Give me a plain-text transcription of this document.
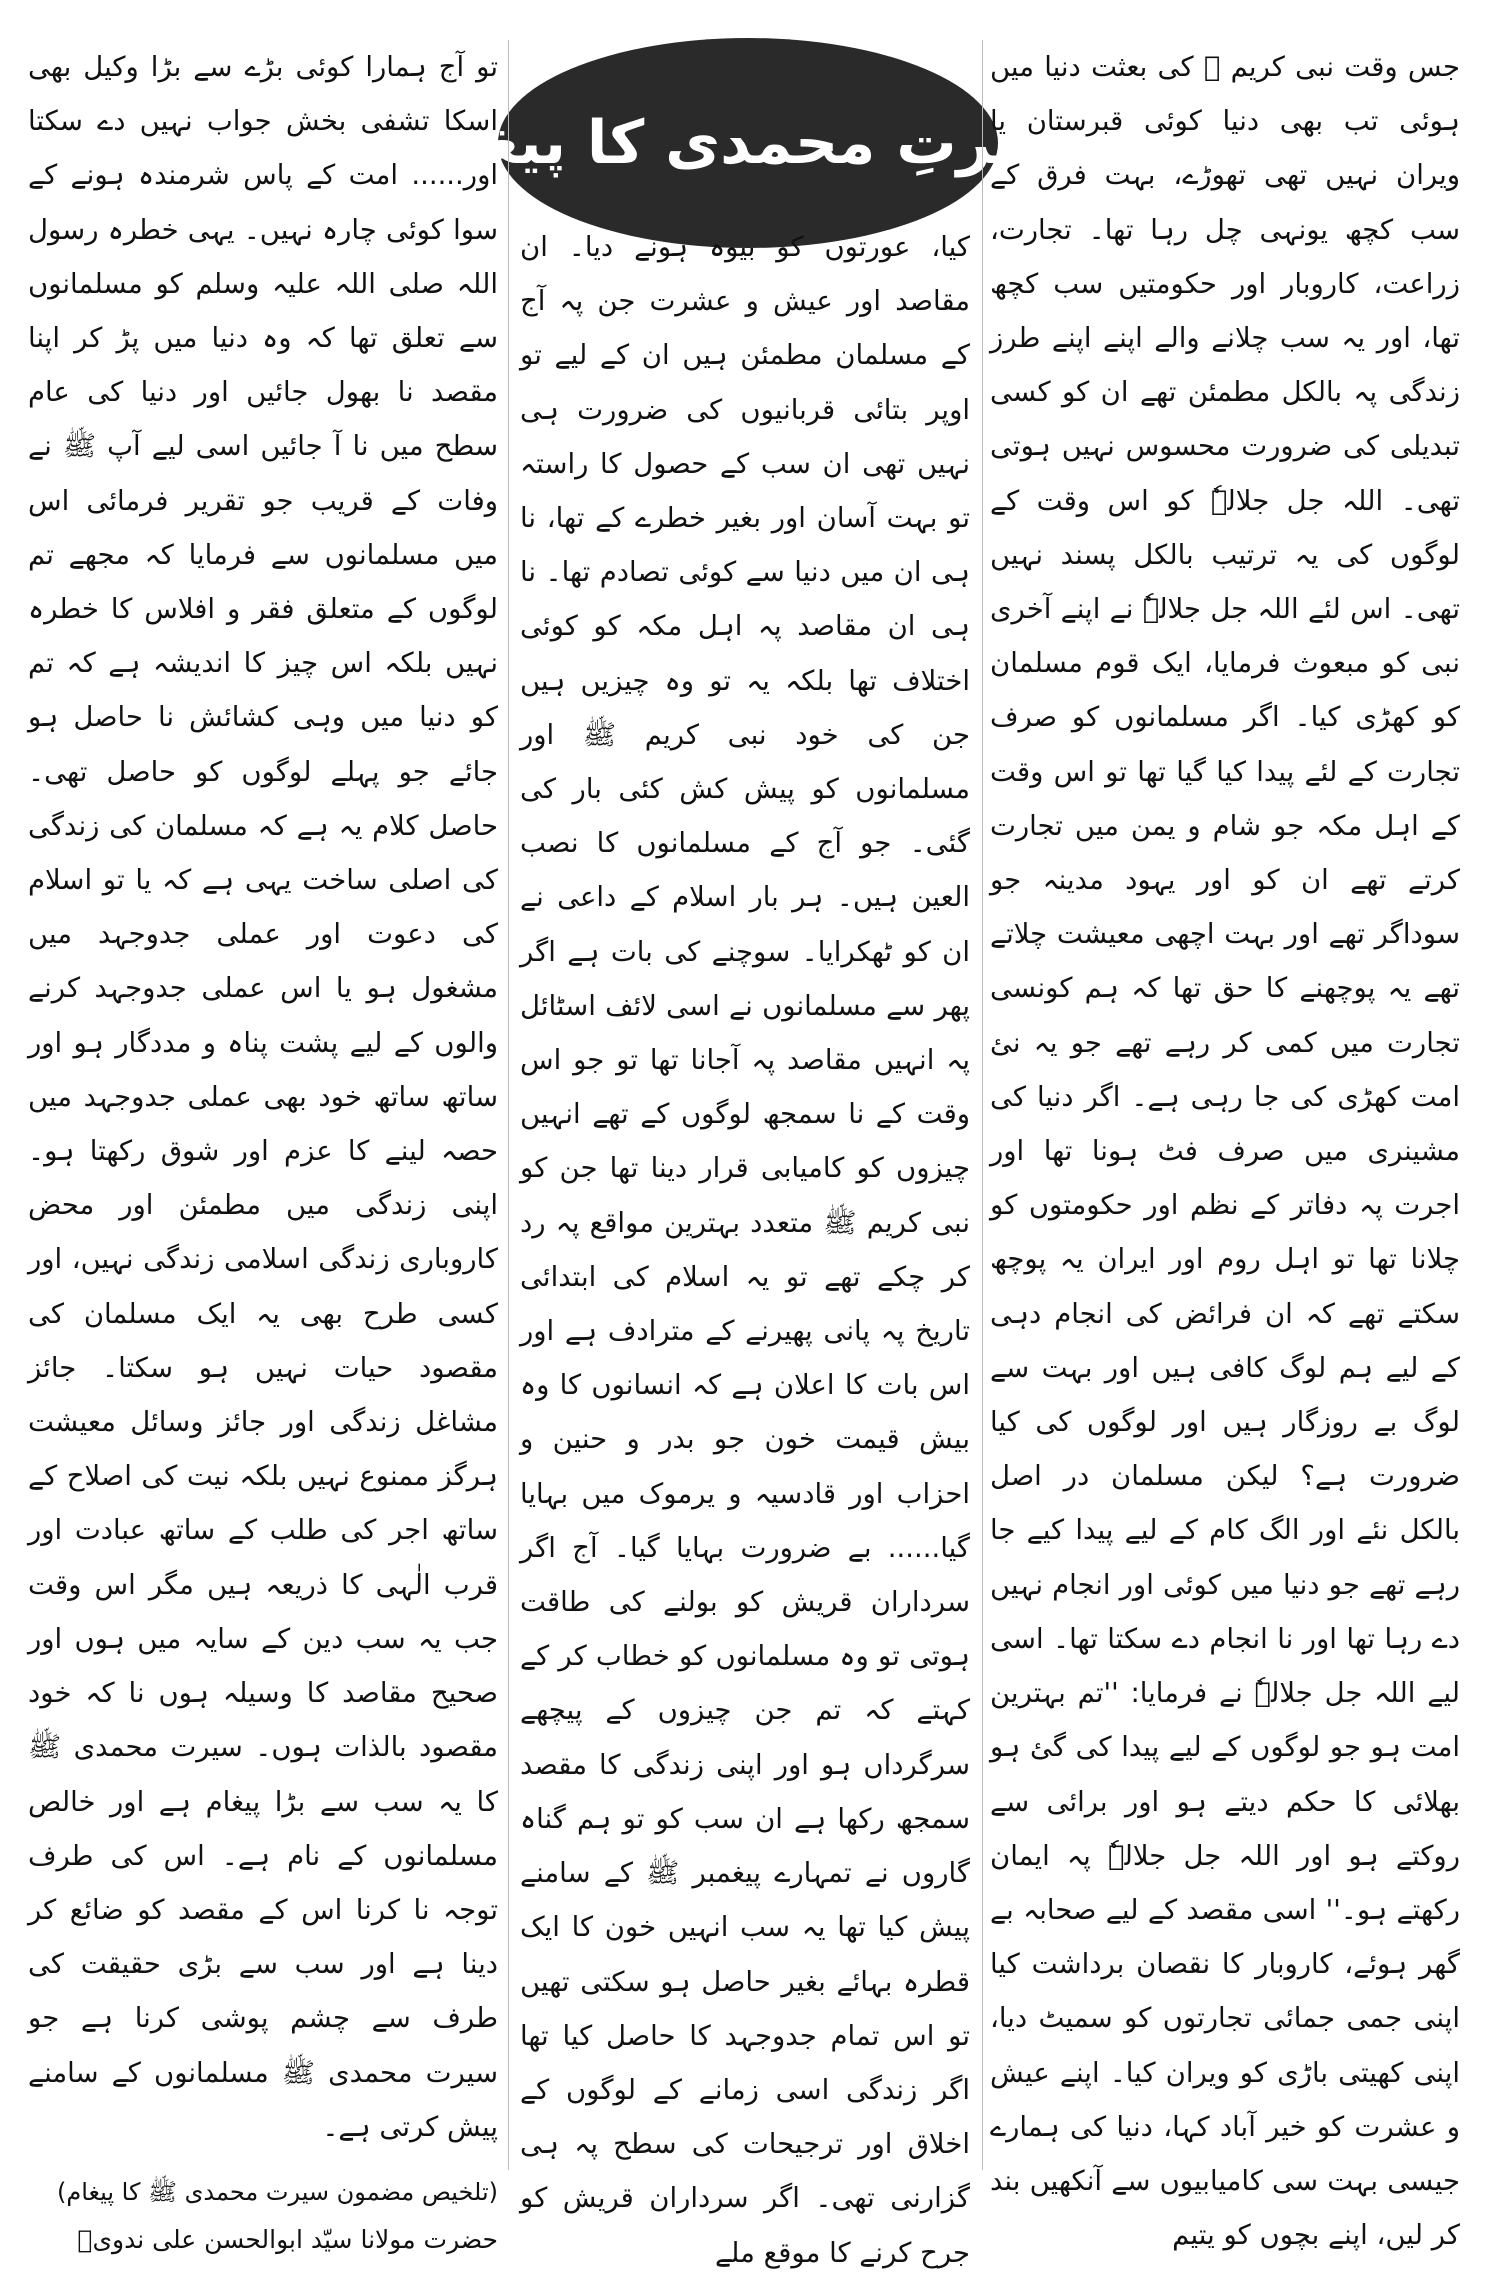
سیرتِ محمدی کا پیغام

جس وقت نبی کریم ﷺ کی بعثت دنیا میں ہوئی تب بھی دنیا کوئی قبرستان یا ویران نہیں تھی تھوڑے، بہت فرق کے سب کچھ یونہی چل رہا تھا۔ تجارت، زراعت، کاروبار اور حکومتیں سب کچھ تھا، اور یہ سب چلانے والے اپنے اپنے طرز زندگی پہ بالکل مطمئن تھے ان کو کسی تبدیلی کی ضرورت محسوس نہیں ہوتی تھی۔ اللہ جل جلالہٗ کو اس وقت کے لوگوں کی یہ ترتیب بالکل پسند نہیں تھی۔ اس لئے اللہ جل جلالہٗ نے اپنے آخری نبی کو مبعوث فرمایا، ایک قوم مسلمان کو کھڑی کیا۔ اگر مسلمانوں کو صرف تجارت کے لئے پیدا کیا گیا تھا تو اس وقت کے اہل مکہ جو شام و یمن میں تجارت کرتے تھے ان کو اور یہود مدینہ جو سوداگر تھے اور بہت اچھی معیشت چلاتے تھے یہ پوچھنے کا حق تھا کہ ہم کونسی تجارت میں کمی کر رہے تھے جو یہ نئ امت کھڑی کی جا رہی ہے۔ اگر دنیا کی مشینری میں صرف فٹ ہونا تھا اور اجرت پہ دفاتر کے نظم اور حکومتوں کو چلانا تھا تو اہل روم اور ایران یہ پوچھ سکتے تھے کہ ان فرائض کی انجام دہی کے لیے ہم لوگ کافی ہیں اور بہت سے لوگ بے روزگار ہیں اور لوگوں کی کیا ضرورت ہے؟ لیکن مسلمان در اصل بالکل نئے اور الگ کام کے لیے پیدا کیے جا رہے تھے جو دنیا میں کوئی اور انجام نہیں دے رہا تھا اور نا انجام دے سکتا تھا۔ اسی لیے اللہ جل جلالہٗ نے فرمایا: ''تم بہترین امت ہو جو لوگوں کے لیے پیدا کی گئ ہو بھلائی کا حکم دیتے ہو اور برائی سے روکتے ہو اور اللہ جل جلالہٗ پہ ایمان رکھتے ہو۔'' اسی مقصد کے لیے صحابہ بے گھر ہوئے، کاروبار کا نقصان برداشت کیا اپنی جمی جمائی تجارتوں کو سمیٹ دیا، اپنی کھیتی باڑی کو ویران کیا۔ اپنے عیش و عشرت کو خیر آباد کہا، دنیا کی ہمارے جیسی بہت سی کامیابیوں سے آنکھیں بند کر لیں، اپنے بچوں کو یتیم

کیا، عورتوں کو بیوہ ہونے دیا۔ ان مقاصد اور عیش و عشرت جن پہ آج کے مسلمان مطمئن ہیں ان کے لیے تو اوپر بتائی قربانیوں کی ضرورت ہی نہیں تھی ان سب کے حصول کا راستہ تو بہت آسان اور بغیر خطرے کے تھا، نا ہی ان میں دنیا سے کوئی تصادم تھا۔ نا ہی ان مقاصد پہ اہل مکہ کو کوئی اختلاف تھا بلکہ یہ تو وہ چیزیں ہیں جن کی خود نبی کریم ﷺ اور مسلمانوں کو پیش کش کئی بار کی گئی۔ جو آج کے مسلمانوں کا نصب العین ہیں۔ ہر بار اسلام کے داعی نے ان کو ٹھکرایا۔ سوچنے کی بات ہے اگر پھر سے مسلمانوں نے اسی لائف اسٹائل پہ انہیں مقاصد پہ آجانا تھا تو جو اس وقت کے نا سمجھ لوگوں کے تھے انہیں چیزوں کو کامیابی قرار دینا تھا جن کو نبی کریم ﷺ متعدد بہترین مواقع پہ رد کر چکے تھے تو یہ اسلام کی ابتدائی تاریخ پہ پانی پھیرنے کے مترادف ہے اور اس بات کا اعلان ہے کہ انسانوں کا وہ بیش قیمت خون جو بدر و حنین و احزاب اور قادسیہ و یرموک میں بہایا گیا...... بے ضرورت بہایا گیا۔ آج اگر سرداران قریش کو بولنے کی طاقت ہوتی تو وہ مسلمانوں کو خطاب کر کے کہتے کہ تم جن چیزوں کے پیچھے سرگرداں ہو اور اپنی زندگی کا مقصد سمجھ رکھا ہے ان سب کو تو ہم گناہ گاروں نے تمہارے پیغمبر ﷺ کے سامنے پیش کیا تھا یہ سب انہیں خون کا ایک قطرہ بہائے بغیر حاصل ہو سکتی تھیں تو اس تمام جدوجہد کا حاصل کیا تھا اگر زندگی اسی زمانے کے لوگوں کے اخلاق اور ترجیحات کی سطح پہ ہی گزارنی تھی۔ اگر سرداران قریش کو جرح کرنے کا موقع ملے

تو آج ہمارا کوئی بڑے سے بڑا وکیل بھی اسکا تشفی بخش جواب نہیں دے سکتا اور...... امت کے پاس شرمندہ ہونے کے سوا کوئی چارہ نہیں۔ یہی خطرہ رسول اللہ صلی اللہ علیہ وسلم کو مسلمانوں سے تعلق تھا کہ وہ دنیا میں پڑ کر اپنا مقصد نا بھول جائیں اور دنیا کی عام سطح میں نا آ جائیں اسی لیے آپ ﷺ نے وفات کے قریب جو تقریر فرمائی اس میں مسلمانوں سے فرمایا کہ مجھے تم لوگوں کے متعلق فقر و افلاس کا خطرہ نہیں بلکہ اس چیز کا اندیشہ ہے کہ تم کو دنیا میں وہی کشائش نا حاصل ہو جائے جو پہلے لوگوں کو حاصل تھی۔ حاصل کلام یہ ہے کہ مسلمان کی زندگی کی اصلی ساخت یہی ہے کہ یا تو اسلام کی دعوت اور عملی جدوجہد میں مشغول ہو یا اس عملی جدوجہد کرنے والوں کے لیے پشت پناہ و مددگار ہو اور ساتھ ساتھ خود بھی عملی جدوجہد میں حصہ لینے کا عزم اور شوق رکھتا ہو۔ اپنی زندگی میں مطمئن اور محض کاروباری زندگی اسلامی زندگی نہیں، اور کسی طرح بھی یہ ایک مسلمان کی مقصود حیات نہیں ہو سکتا۔ جائز مشاغل زندگی اور جائز وسائل معیشت ہرگز ممنوع نہیں بلکہ نیت کی اصلاح کے ساتھ اجر کی طلب کے ساتھ عبادت اور قرب الٰہی کا ذریعہ ہیں مگر اس وقت جب یہ سب دین کے سایہ میں ہوں اور صحیح مقاصد کا وسیلہ ہوں نا کہ خود مقصود بالذات ہوں۔ سیرت محمدی ﷺ کا یہ سب سے بڑا پیغام ہے اور خالص مسلمانوں کے نام ہے۔ اس کی طرف توجہ نا کرنا اس کے مقصد کو ضائع کر دینا ہے اور سب سے بڑی حقیقت کی طرف سے چشم پوشی کرنا ہے جو سیرت محمدی ﷺ مسلمانوں کے سامنے پیش کرتی ہے۔

(تلخیص مضمون سیرت محمدی ﷺ کا پیغام)
حضرت مولانا سیّد ابوالحسن علی ندویؒ
